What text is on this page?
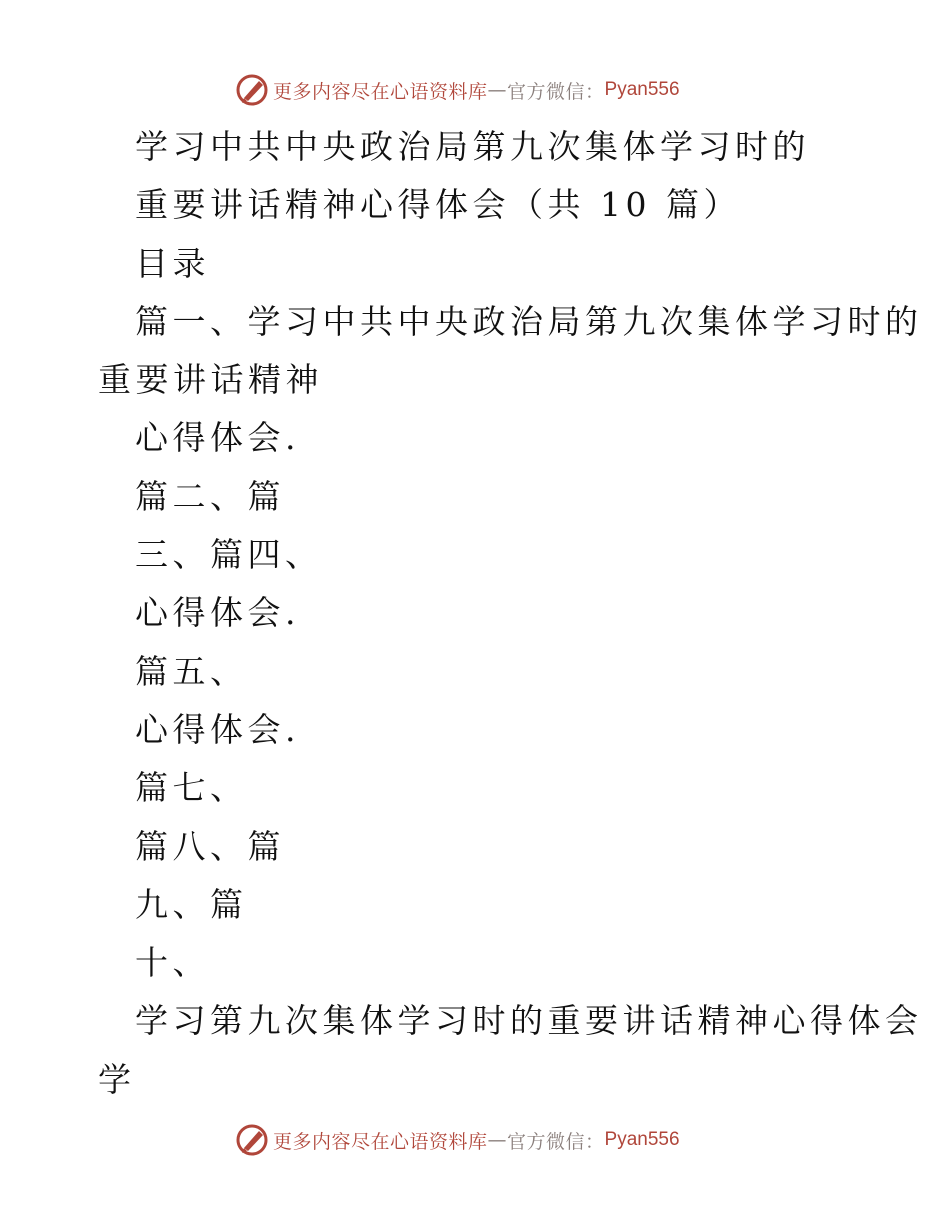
更多内容尽在心语资料库 — 官方微信： Pyan556
学习中共中央政治局第九次集体学习时的
重要讲话精神心得体会（共 10 篇）
目录
篇一、学习中共中央政治局第九次集体学习时的
重要讲话精神
心得体会.
篇二、篇
三、篇四、
心得体会.
篇五、
心得体会.
篇七、
篇八、篇
九、篇
十、
学习第九次集体学习时的重要讲话精神心得体会
学
更多内容尽在心语资料库 — 官方微信： Pyan556
